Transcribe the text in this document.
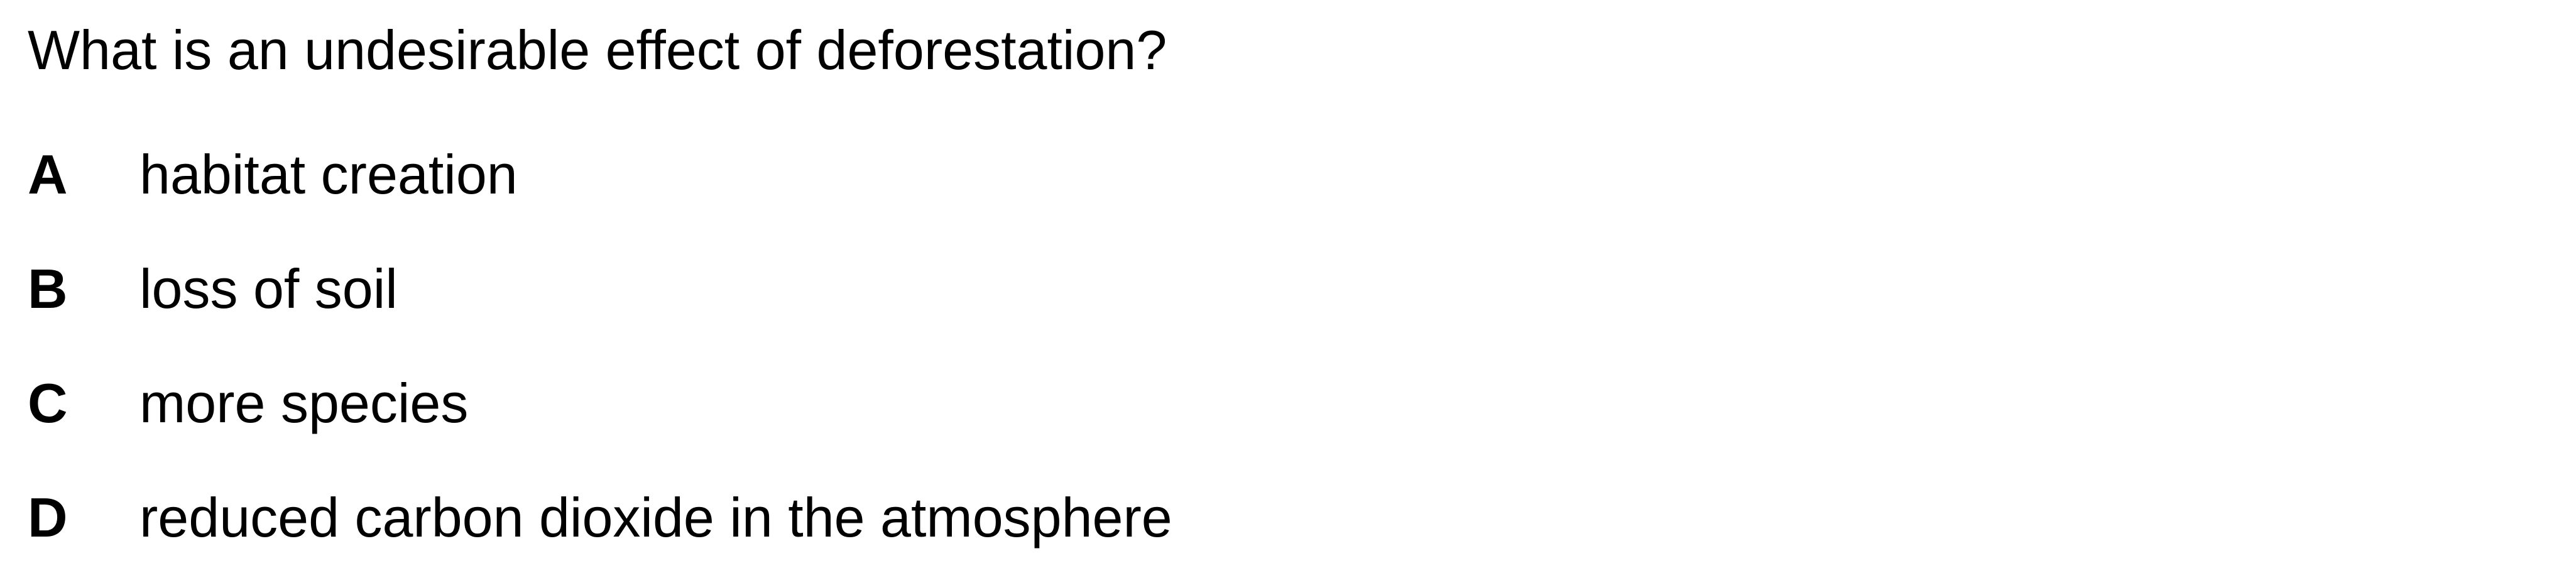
What is an undesirable effect of deforestation?
A habitat creation
B loss of soil
C more species
D reduced carbon dioxide in the atmosphere
